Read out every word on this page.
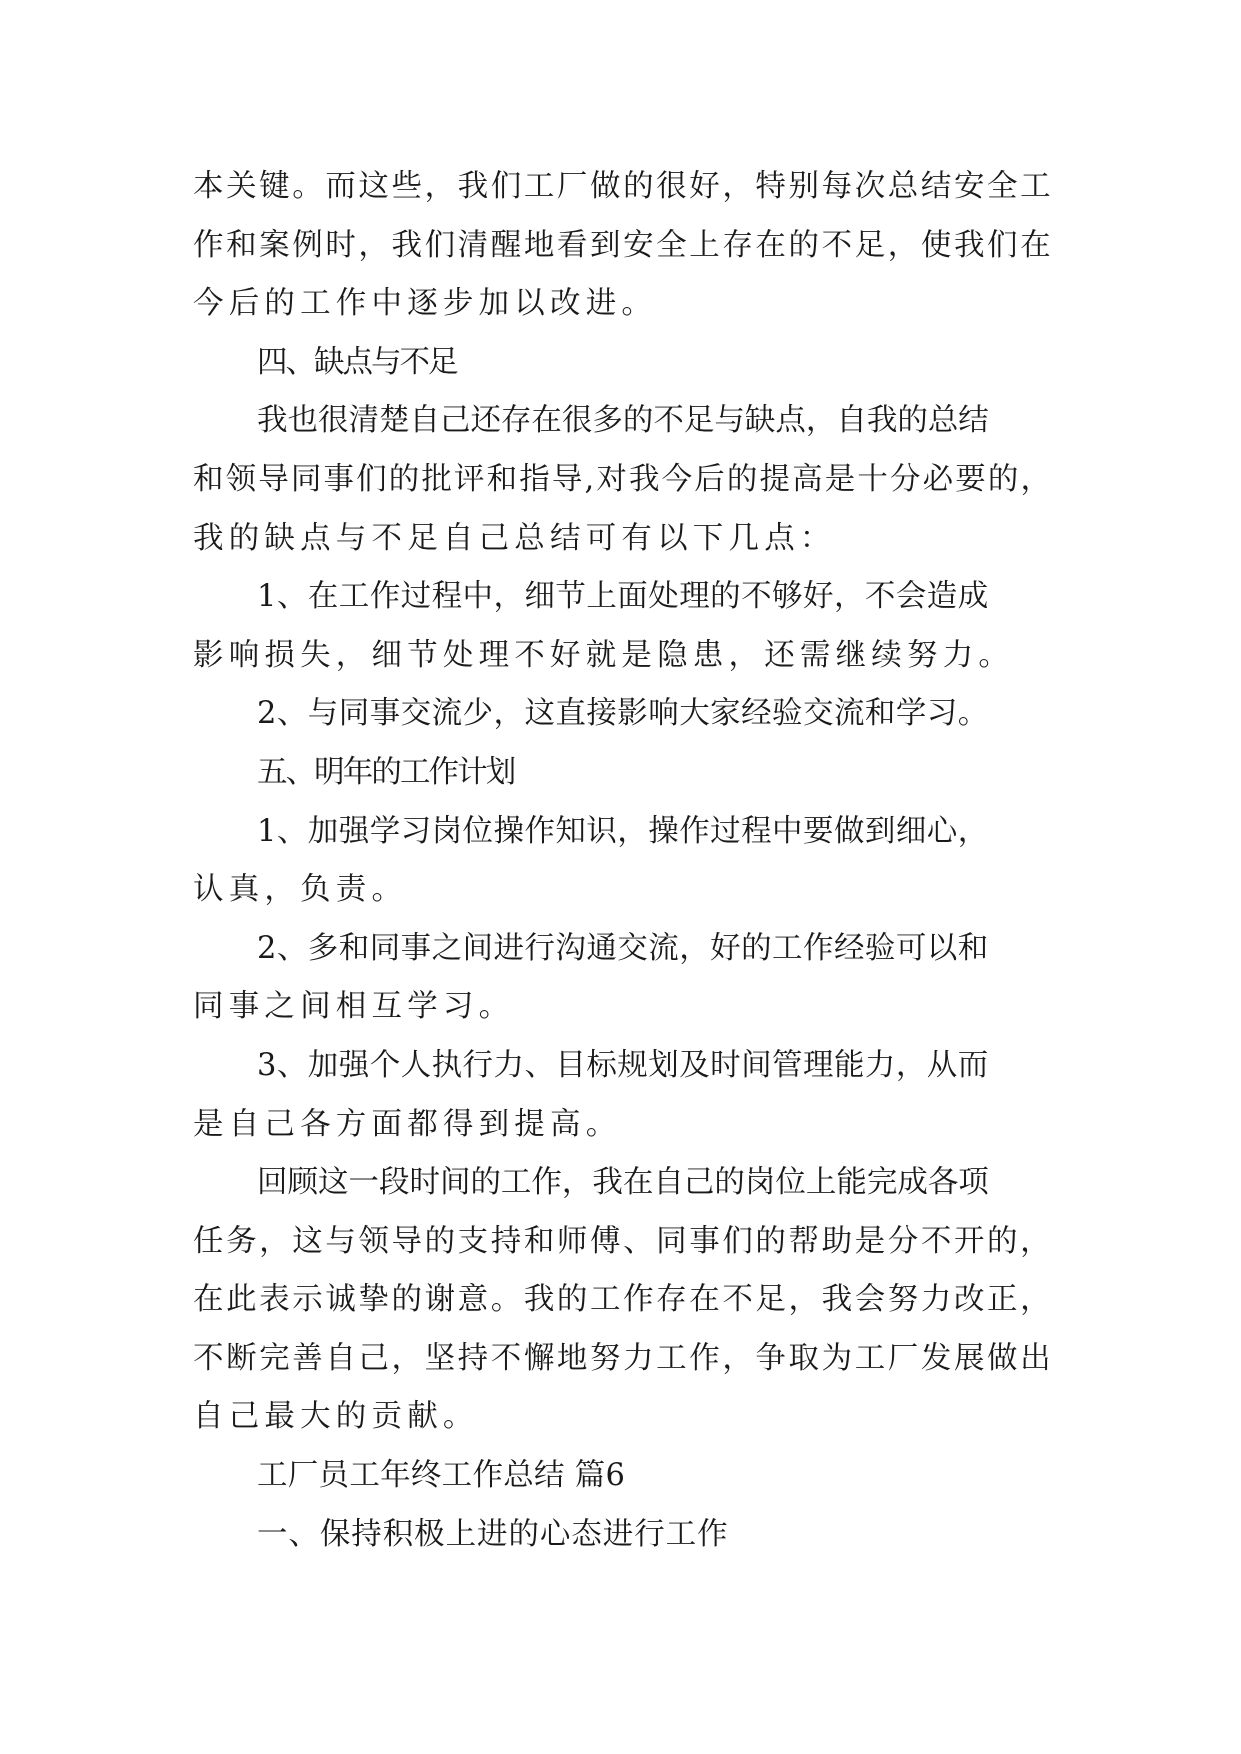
本关键。而这些，我们工厂做的很好，特别每次总结安全工
作和案例时，我们清醒地看到安全上存在的不足，使我们在
今后的工作中逐步加以改进。

四、缺点与不足

我也很清楚自己还存在很多的不足与缺点，自我的总结
和领导同事们的批评和指导,对我今后的提高是十分必要的，
我的缺点与不足自己总结可有以下几点：

1、在工作过程中，细节上面处理的不够好，不会造成
影响损失，细节处理不好就是隐患，还需继续努力。

2、与同事交流少，这直接影响大家经验交流和学习。

五、明年的工作计划

1、加强学习岗位操作知识，操作过程中要做到细心，
认真，负责。

2、多和同事之间进行沟通交流，好的工作经验可以和
同事之间相互学习。

3、加强个人执行力、目标规划及时间管理能力，从而
是自己各方面都得到提高。

回顾这一段时间的工作，我在自己的岗位上能完成各项
任务，这与领导的支持和师傅、同事们的帮助是分不开的，
在此表示诚挚的谢意。我的工作存在不足，我会努力改正，
不断完善自己，坚持不懈地努力工作，争取为工厂发展做出
自己最大的贡献。

工厂员工年终工作总结 篇6

一、保持积极上进的心态进行工作
